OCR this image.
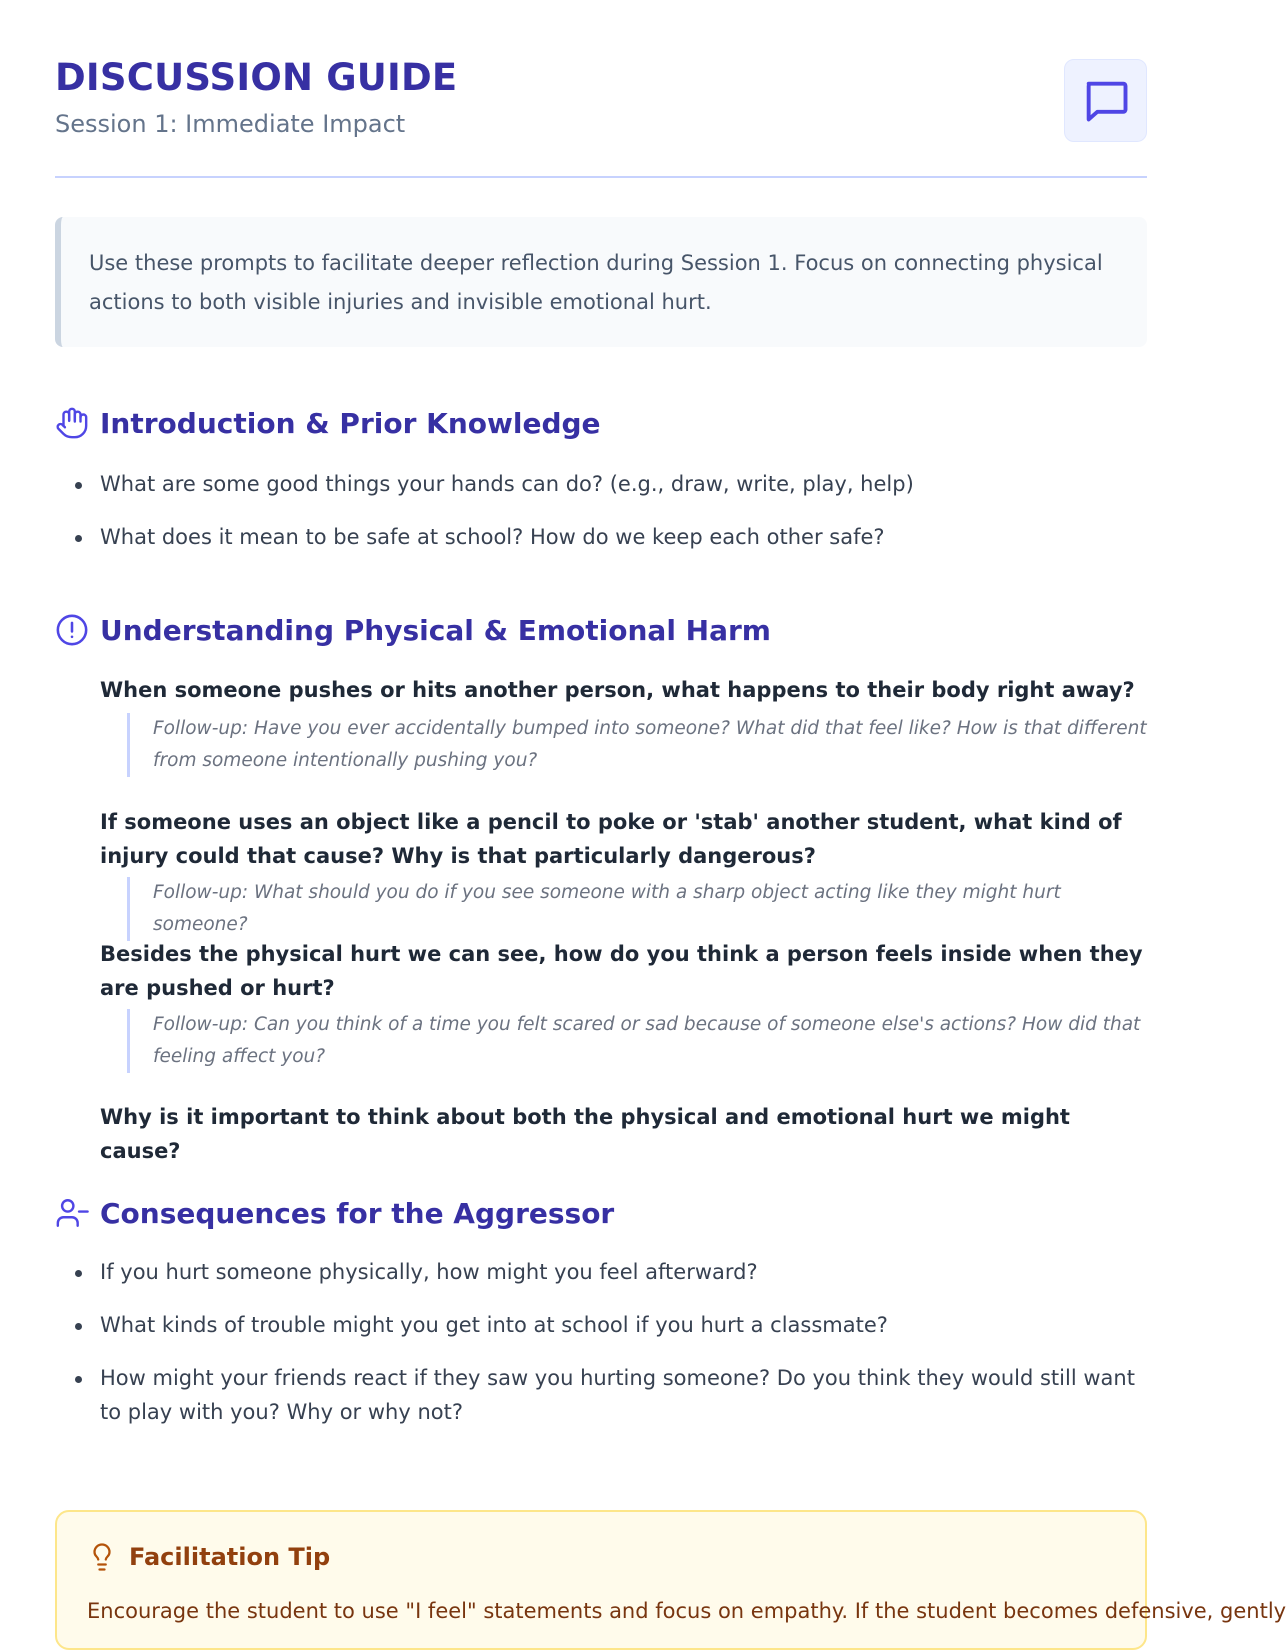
DISCUSSION GUIDE
Session 1: Immediate Impact
Use these prompts to facilitate deeper reflection during Session 1. Focus on connecting physical actions to both visible injuries and invisible emotional hurt.
Introduction & Prior Knowledge
What are some good things your hands can do? (e.g., draw, write, play, help)
What does it mean to be safe at school? How do we keep each other safe?
Understanding Physical & Emotional Harm
When someone pushes or hits another person, what happens to their body right away?
Follow-up: Have you ever accidentally bumped into someone? What did that feel like? How is that different from someone intentionally pushing you?
If someone uses an object like a pencil to poke or 'stab' another student, what kind of injury could that cause? Why is that particularly dangerous?
Follow-up: What should you do if you see someone with a sharp object acting like they might hurt someone?
Besides the physical hurt we can see, how do you think a person feels inside when they are pushed or hurt?
Follow-up: Can you think of a time you felt scared or sad because of someone else's actions? How did that feeling affect you?
Why is it important to think about both the physical and emotional hurt we might cause?
Consequences for the Aggressor
If you hurt someone physically, how might you feel afterward?
What kinds of trouble might you get into at school if you hurt a classmate?
How might your friends react if they saw you hurting someone? Do you think they would still want to play with you? Why or why not?
Facilitation Tip
Encourage the student to use "I feel" statements and focus on empathy. If the student becomes defensive, gently
